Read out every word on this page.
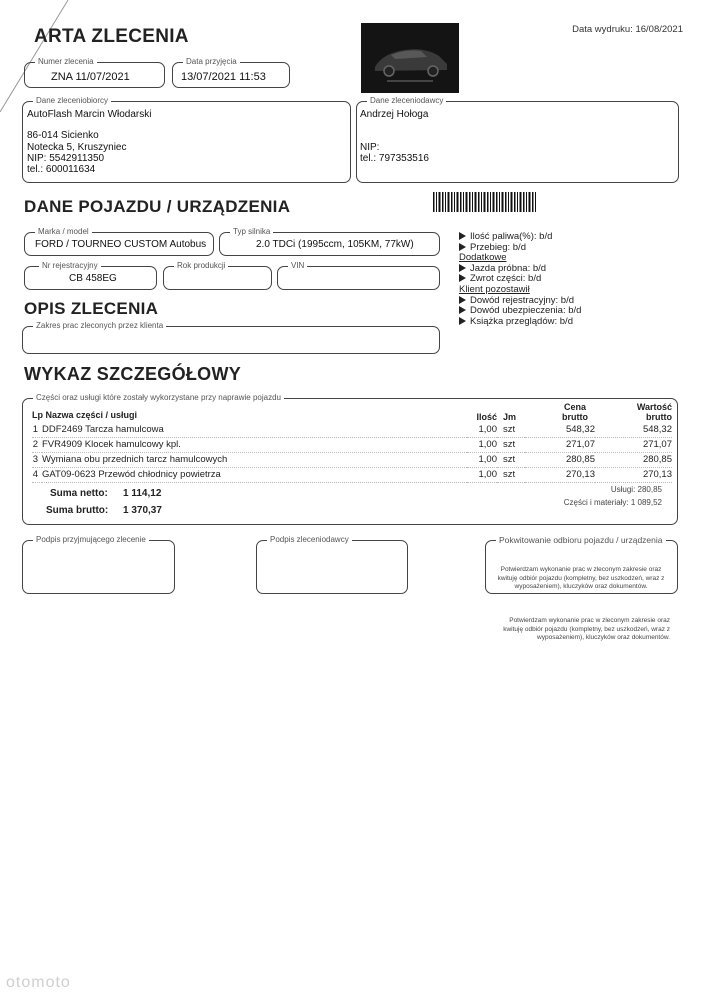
ARTA ZLECENIA	Data wydruku: 16/08/2021
Numer zlecenia
ZNA 11/07/2021
Data przyjęcia
13/07/2021 11:53
Dane zleceniobiorcy
AutoFlash Marcin Włodarski
86-014 Sicienko
Notecka 5, Kruszyniec
NIP: 5542911350
tel.: 600011634
Dane zleceniodawcy
Andrzej Hołoga
NIP:
tel.: 797353516
DANE POJAZDU / URZĄDZENIA
Marka / model
FORD / TOURNEO CUSTOM Autobus
Typ silnika
2.0 TDCi (1995ccm, 105KM, 77kW)
Nr rejestracyjny
CB 458EG
Rok produkcji	VIN
Ilość paliwa(%): b/d
Przebieg: b/d
Dodatkowe
Jazda próbna: b/d
Zwrot części: b/d
Klient pozostawił
Dowód rejestracyjny: b/d
Dowód ubezpieczenia: b/d
Książka przeglądów: b/d
OPIS ZLECENIA
Zakres prac zleconych przez klienta
WYKAZ SZCZEGÓŁOWY
Części oraz usługi które zostały wykorzystane przy naprawie pojazdu
Lp Nazwa części / usługi		Ilość	Jm	Cena brutto	Wartość brutto
1	DDF2469 Tarcza hamulcowa	1,00	szt	548,32	548,32
2	FVR4909 Klocek hamulcowy kpl.	1,00	szt	271,07	271,07
3	Wymiana obu przednich tarcz hamulcowych	1,00	szt	280,85	280,85
4	GAT09-0623 Przewód chłodnicy powietrza	1,00	szt	270,13	270,13
Suma netto: 1 114,12
Suma brutto: 1 370,37
Usługi: 280,85
Części i materiały: 1 089,52
Podpis przyjmującego zlecenie	Podpis zleceniodawcy	Pokwitowanie odbioru pojazdu / urządzenia
Potwierdzam wykonanie prac w zleconym zakresie oraz kwituję odbiór pojazdu (kompletny, bez uszkodzeń, wraz z wyposażeniem), kluczyków oraz dokumentów.
Potwierdzam wykonanie prac w zleconym zakresie oraz kwituję odbiór pojazdu (kompletny, bez uszkodzeń, wraz z wyposażeniem), kluczyków oraz dokumentów.
otomoto
